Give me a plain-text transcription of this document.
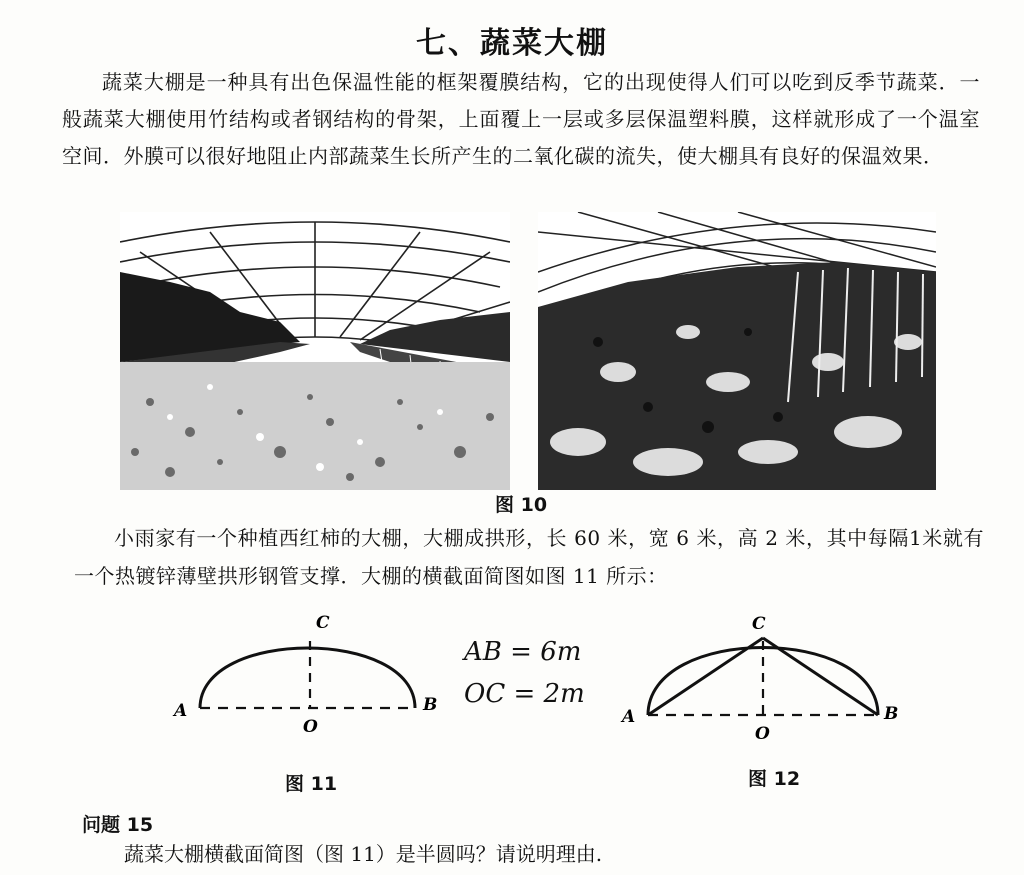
七、蔬菜大棚
蔬菜大棚是一种具有出色保温性能的框架覆膜结构，它的出现使得人们可以吃到反季节蔬菜．一般蔬菜大棚使用竹结构或者钢结构的骨架，上面覆上一层或多层保温塑料膜，这样就形成了一个温室空间．外膜可以很好地阻止内部蔬菜生长所产生的二氧化碳的流失，使大棚具有良好的保温效果．
图 10
小雨家有一个种植西红柿的大棚，大棚成拱形，长 60 米，宽 6 米，高 2 米，其中每隔1米就有一个热镀锌薄壁拱形钢管支撑．大棚的横截面简图如图 11 所示：
A	B
C
O
AB = 6m
OC = 2m
图 11
A	B
C
O
图 12
问题 15
蔬菜大棚横截面简图（图 11）是半圆吗？请说明理由.
